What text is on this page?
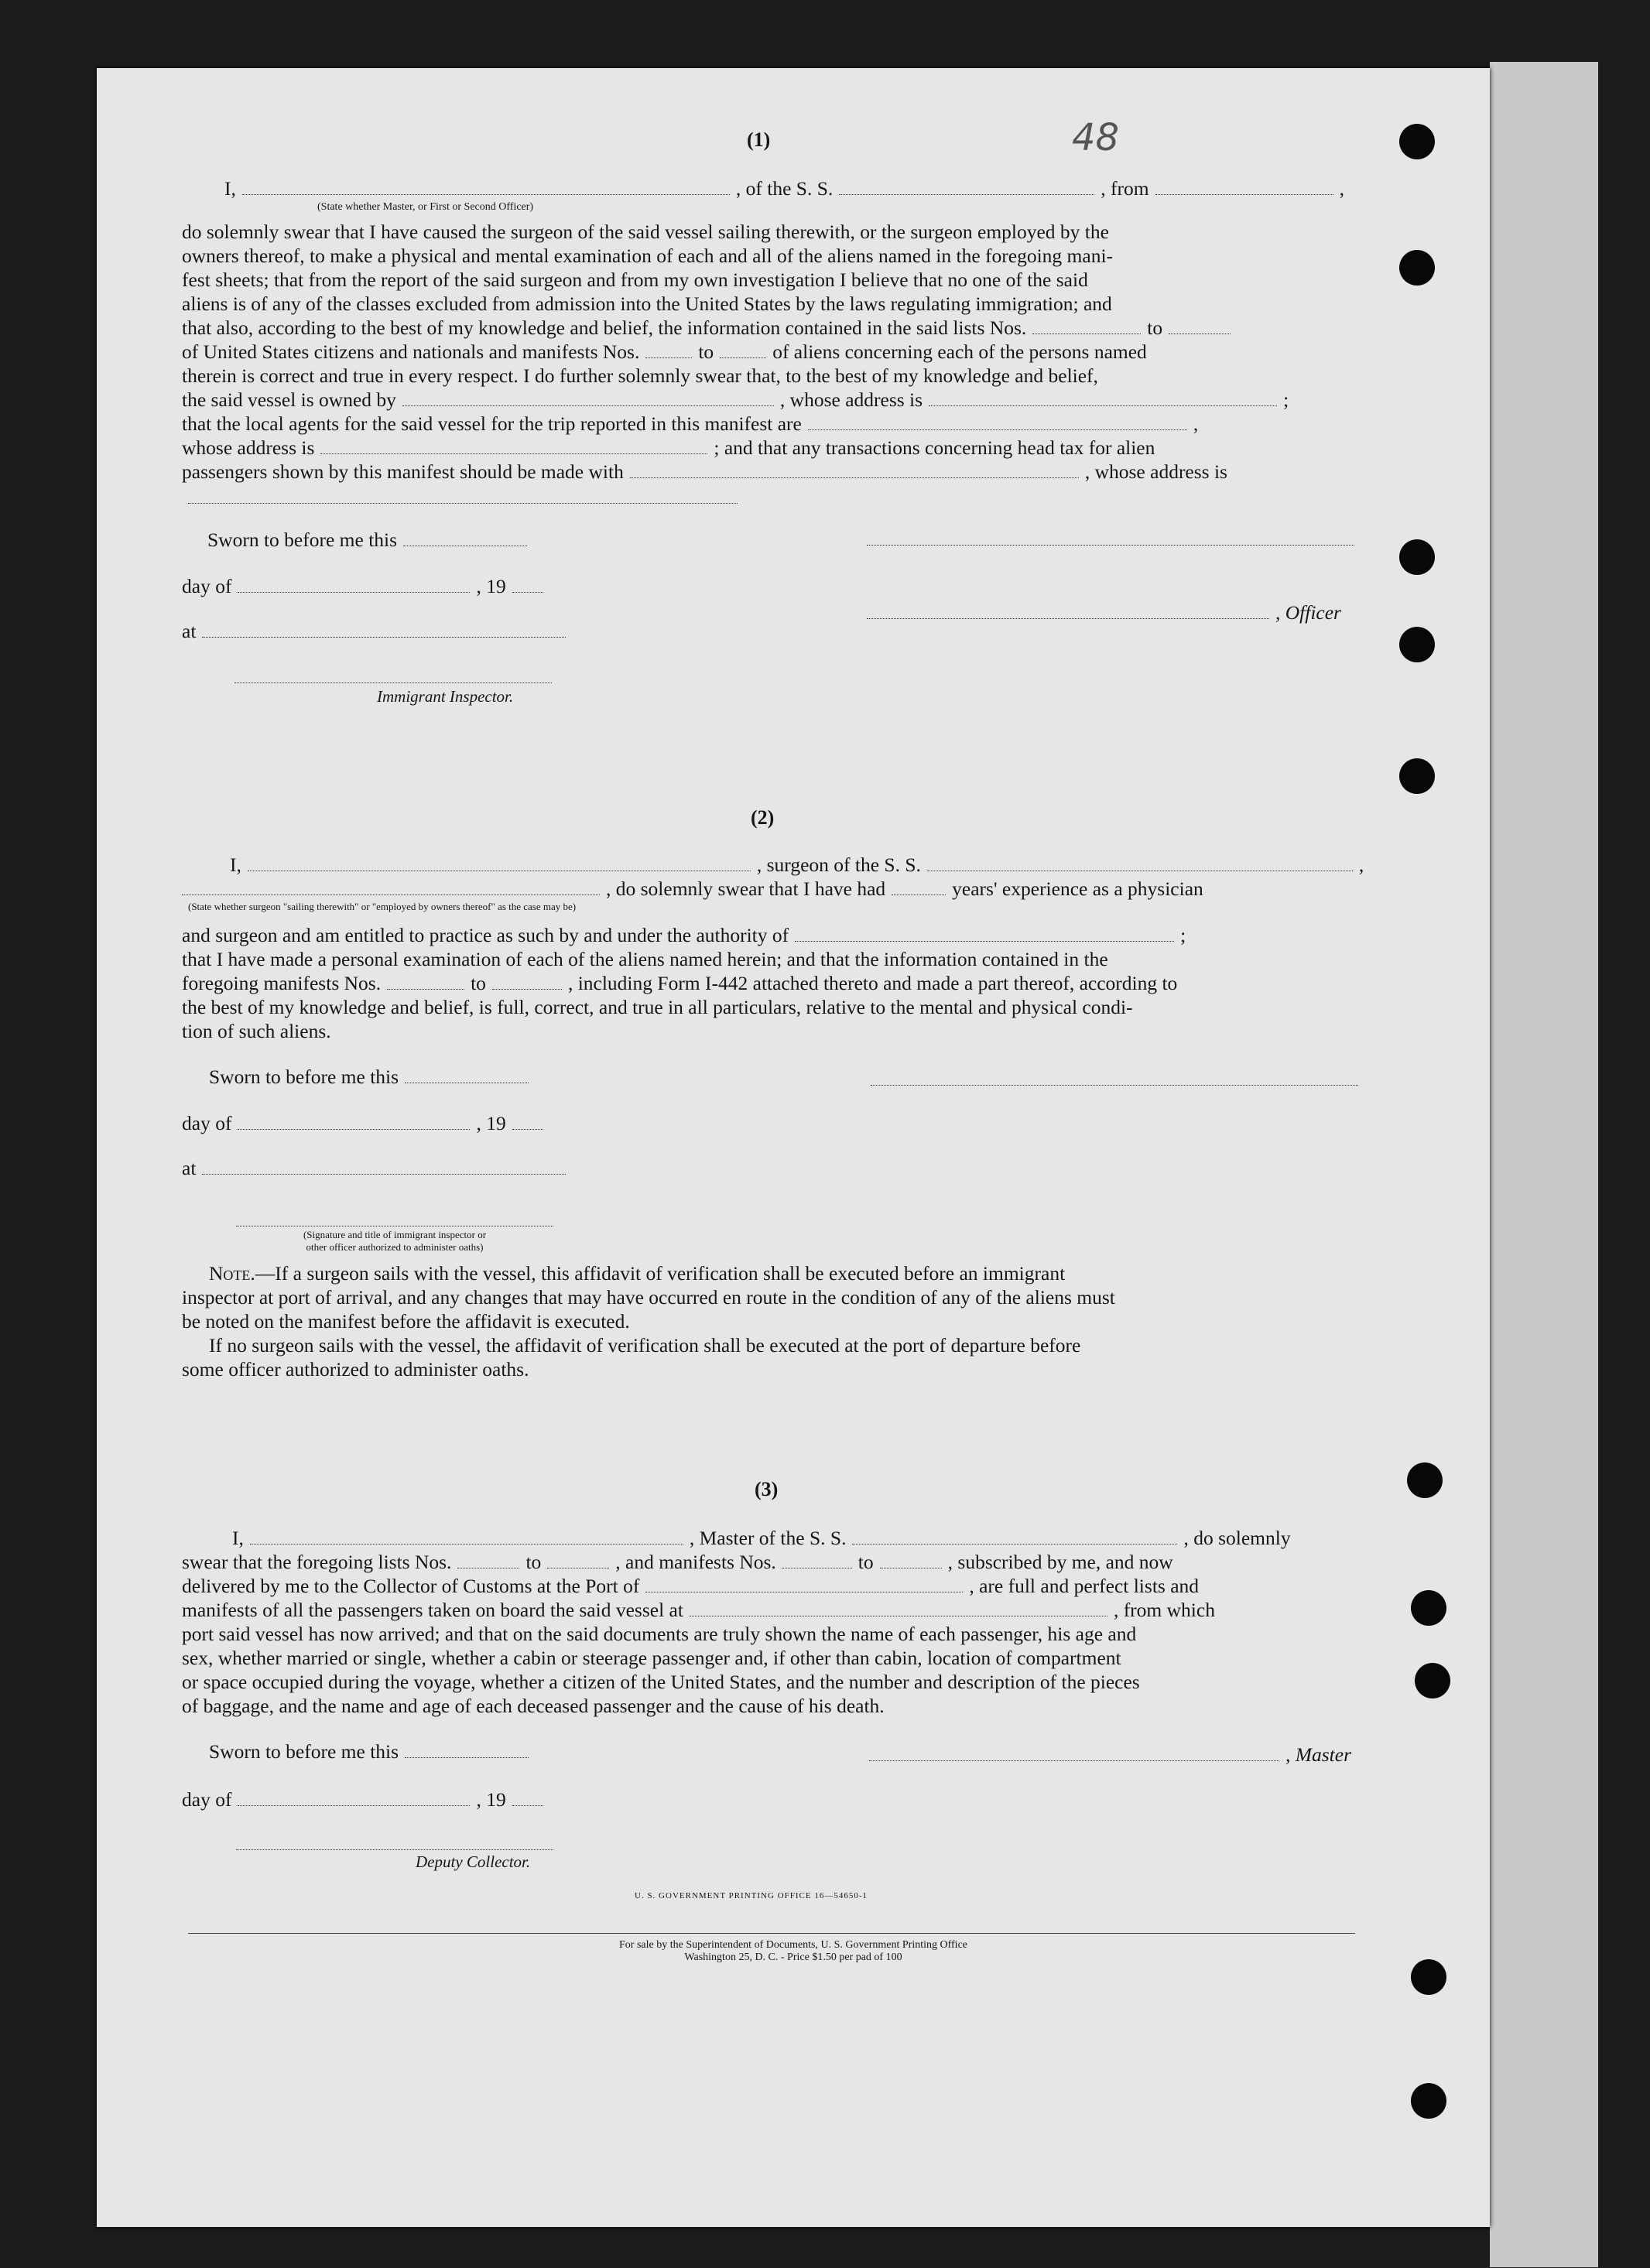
48
(1)
I,	, of the S. S.	, from	,
(State whether Master, or First or Second Officer)
do solemnly swear that I have caused the surgeon of the said vessel sailing therewith, or the surgeon employed by the
owners thereof, to make a physical and mental examination of each and all of the aliens named in the foregoing mani-
fest sheets; that from the report of the said surgeon and from my own investigation I believe that no one of the said
aliens is of any of the classes excluded from admission into the United States by the laws regulating immigration; and
that also, according to the best of my knowledge and belief, the information contained in the said lists Nos.	to
of United States citizens and nationals and manifests Nos.	to	of aliens concerning each of the persons named
therein is correct and true in every respect. I do further solemnly swear that, to the best of my knowledge and belief,
the said vessel is owned by	, whose address is	;
that the local agents for the said vessel for the trip reported in this manifest are	,
whose address is	; and that any transactions concerning head tax for alien
passengers shown by this manifest should be made with	, whose address is
Sworn to before me this
day of	, 19
, Officer
at
Immigrant Inspector.
(2)
I,	, surgeon of the S. S.	,
, do solemnly swear that I have had	years' experience as a physician
(State whether surgeon "sailing therewith" or "employed by owners thereof" as the case may be)
and surgeon and am entitled to practice as such by and under the authority of	;
that I have made a personal examination of each of the aliens named herein; and that the information contained in the
foregoing manifests Nos.	to	, including Form I-442 attached thereto and made a part thereof, according to
the best of my knowledge and belief, is full, correct, and true in all particulars, relative to the mental and physical condi-
tion of such aliens.
Sworn to before me this
day of	, 19
at
(Signature and title of immigrant inspector or
other officer authorized to administer oaths)
Note.—If a surgeon sails with the vessel, this affidavit of verification shall be executed before an immigrant
inspector at port of arrival, and any changes that may have occurred en route in the condition of any of the aliens must
be noted on the manifest before the affidavit is executed.
If no surgeon sails with the vessel, the affidavit of verification shall be executed at the port of departure before
some officer authorized to administer oaths.
(3)
I,	, Master of the S. S.	, do solemnly
swear that the foregoing lists Nos.	to	, and manifests Nos.	to	, subscribed by me, and now
delivered by me to the Collector of Customs at the Port of	, are full and perfect lists and
manifests of all the passengers taken on board the said vessel at	, from which
port said vessel has now arrived; and that on the said documents are truly shown the name of each passenger, his age and
sex, whether married or single, whether a cabin or steerage passenger and, if other than cabin, location of compartment
or space occupied during the voyage, whether a citizen of the United States, and the number and description of the pieces
of baggage, and the name and age of each deceased passenger and the cause of his death.
Sworn to before me this	, Master
day of	, 19
Deputy Collector.
U. S. GOVERNMENT PRINTING OFFICE 16—54650-1
For sale by the Superintendent of Documents, U. S. Government Printing Office
Washington 25, D. C. - Price $1.50 per pad of 100
